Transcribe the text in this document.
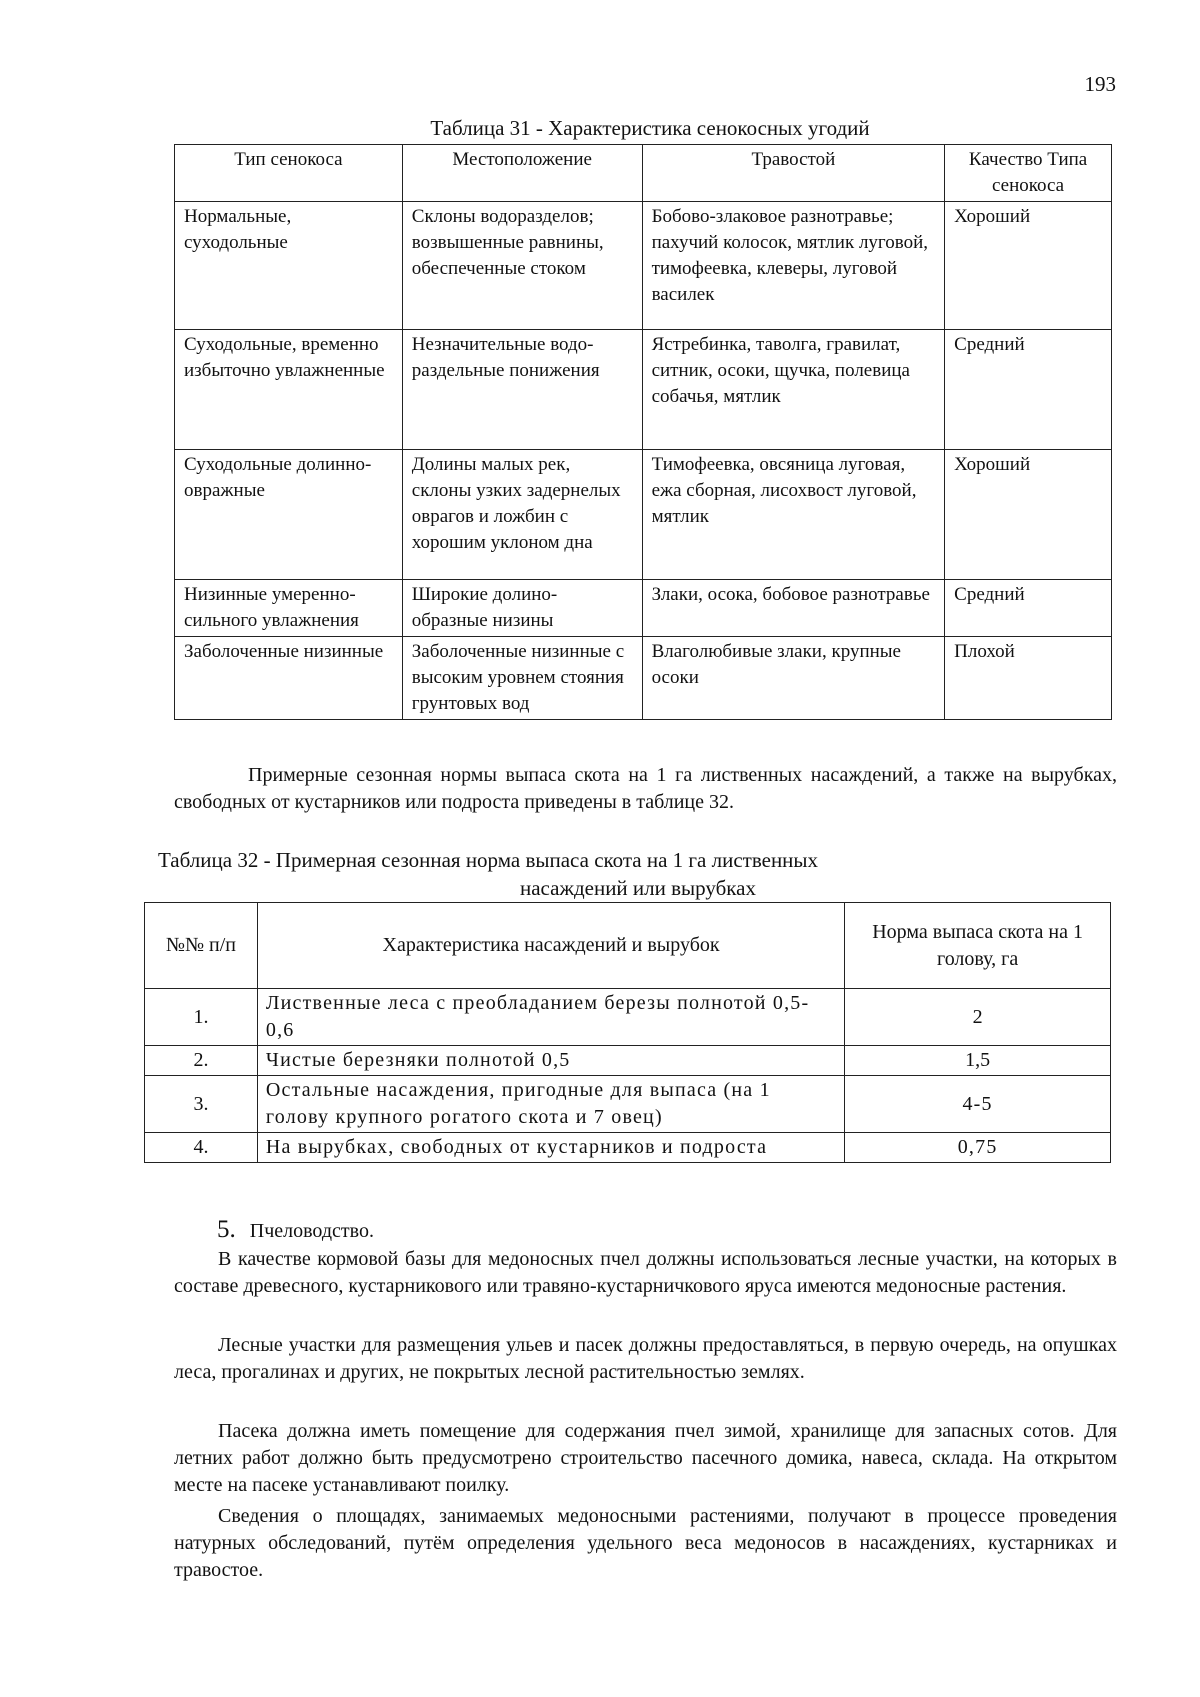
193
Таблица 31 - Характеристика сенокосных угодий
Тип сенокоса	Местоположение	Травостой	Качество Типа сенокоса
Нормальные, суходольные	Склоны водоразделов; возвышенные равнины, обеспеченные стоком	Бобово-злаковое разнотравье; пахучий колосок, мятлик луговой, тимофеевка, клеверы, луговой василек	Хороший
Суходольные, временно избыточно увлажненные	Незначительные водо-раздельные понижения	Ястребинка, таволга, гравилат, ситник, осоки, щучка, полевица собачья, мятлик	Средний
Суходольные долинно-овражные	Долины малых рек, склоны узких задернелых оврагов и ложбин с хорошим уклоном дна	Тимофеевка, овсяница луговая, ежа сборная, лисохвост луговой, мятлик	Хороший
Низинные умеренно-сильного увлажнения	Широкие долино-образные низины	Злаки, осока, бобовое разнотравье	Средний
Заболоченные низинные	Заболоченные низинные с высоким уровнем стояния грунтовых вод	Влаголюбивые злаки, крупные осоки	Плохой
Примерные сезонная нормы выпаса скота на 1 га лиственных насаждений, а также на вырубках, свободных от кустарников или подроста приведены в таблице 32.
Таблица 32 - Примерная сезонная норма выпаса скота на 1 га лиственных
насаждений или вырубках
№№ п/п	Характеристика насаждений и вырубок	Норма выпаса скота на 1 голову, га
1.	Лиственные леса с преобладанием березы полнотой 0,5-0,6	2
2.	Чистые березняки полнотой 0,5	1,5
3.	Остальные насаждения, пригодные для выпаса (на 1 голову крупного рогатого скота и 7 овец)	4-5
4.	На вырубках, свободных от кустарников и подроста	0,75
5. Пчеловодство.
В качестве кормовой базы для медоносных пчел должны использоваться лесные участки, на которых в составе древесного, кустарникового или травяно-кустарничкового яруса имеются медоносные растения.
Лесные участки для размещения ульев и пасек должны предоставляться, в первую очередь, на опушках леса, прогалинах и других, не покрытых лесной растительностью землях.
Пасека должна иметь помещение для содержания пчел зимой, хранилище для запасных сотов. Для летних работ должно быть предусмотрено строительство пасечного домика, навеса, склада. На открытом месте на пасеке устанавливают поилку.
Сведения о площадях, занимаемых медоносными растениями, получают в процессе проведения натурных обследований, путём определения удельного веса медоносов в насаждениях, кустарниках и травостое.
